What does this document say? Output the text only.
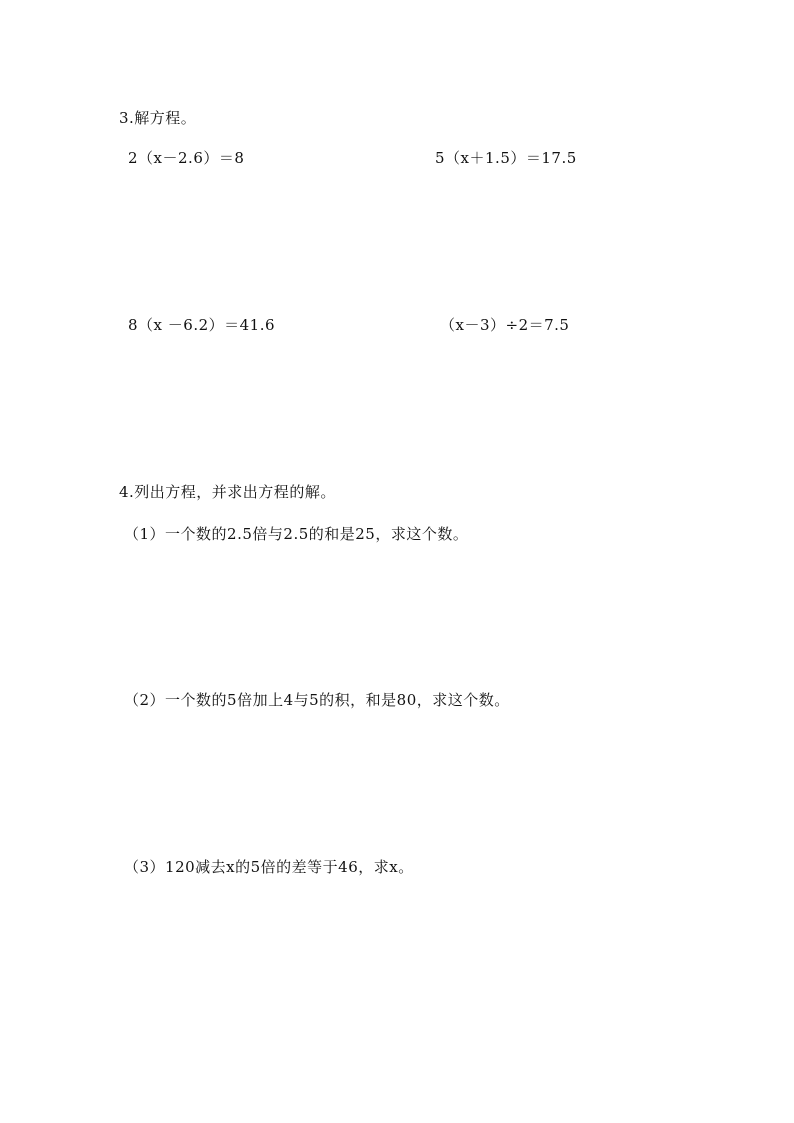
3.解方程。
2（x－2.6）＝8	5（x＋1.5）＝17.5
8（x －6.2）＝41.6	（x－3）÷2＝7.5
4.列出方程，并求出方程的解。
（1）一个数的2.5倍与2.5的和是25，求这个数。
（2）一个数的5倍加上4与5的积，和是80，求这个数。
（3）120减去x的5倍的差等于46，求x。
